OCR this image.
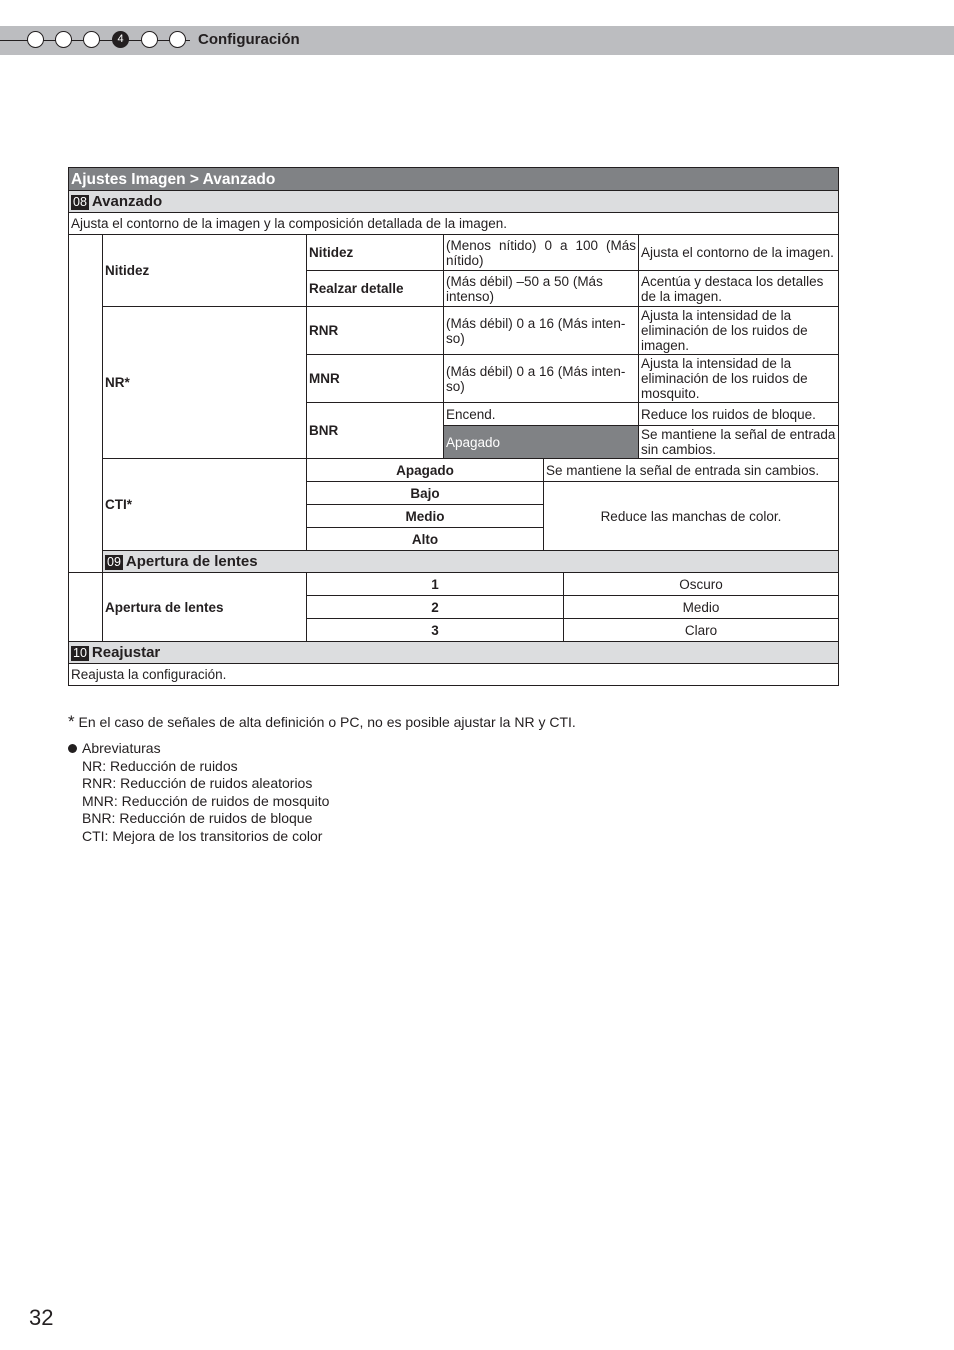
4	Configuración

Ajustes Imagen > Avanzado						
08 Avanzado						
Ajusta el contorno de la imagen y la composición detallada de la imagen.						
	Nitidez	Nitidez	(Menos nítido) 0 a 100 (Más nítido)			Ajusta el contorno de la imagen.
		Realzar detalle	(Más débil) –50 a 50 (Más intenso)			Acentúa y destaca los detalles de la imagen.
	NR*	RNR	(Más débil) 0 a 16 (Más inten-so)			Ajusta la intensidad de la eliminación de los ruidos de imagen.
		MNR	(Más débil) 0 a 16 (Más inten-so)			Ajusta la intensidad de la eliminación de los ruidos de mosquito.
		BNR	Encend.			Reduce los ruidos de bloque.
			Apagado			Se mantiene la señal de entrada sin cambios.
	CTI*	Apagado		Se mantiene la señal de entrada sin cambios.		
		Bajo		Reduce las manchas de color.		
		Medio				
		Alto				
	09 Apertura de lentes					
	Apertura de lentes	1			Oscuro	
		2			Medio	
		3			Claro	
10 Reajustar						
Reajusta la configuración.						
* En el caso de señales de alta definición o PC, no es posible ajustar la NR y CTI.
Abreviaturas
NR: Reducción de ruidos
RNR: Reducción de ruidos aleatorios
MNR: Reducción de ruidos de mosquito
BNR: Reducción de ruidos de bloque
CTI: Mejora de los transitorios de color
32
